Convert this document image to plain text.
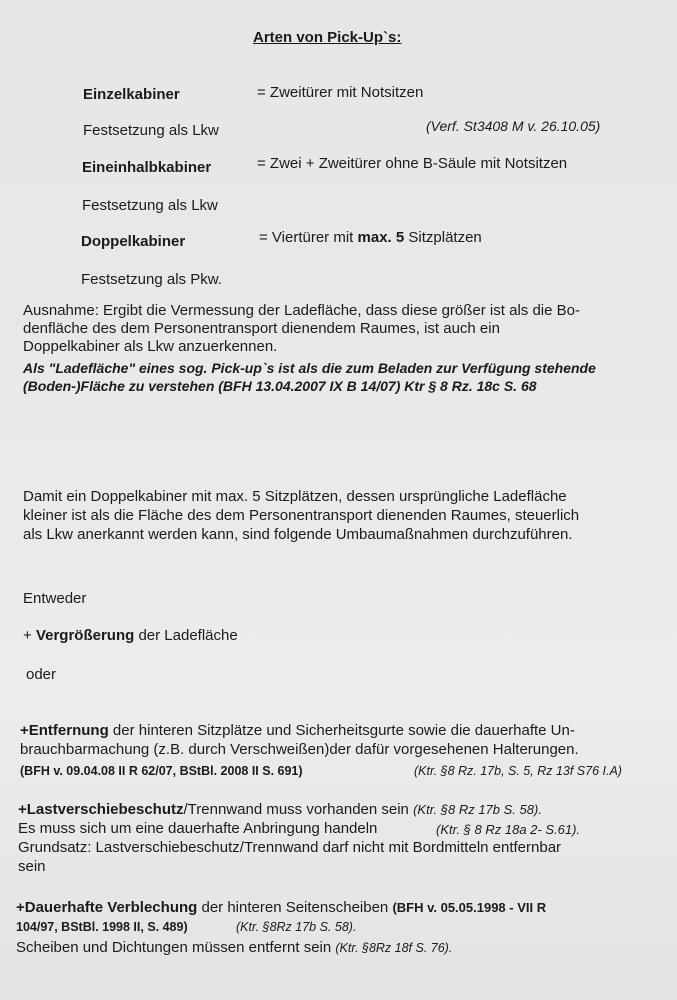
Arten von Pick-Up`s:
Einzelkabiner	= Zweitürer mit Notsitzen
Festsetzung als Lkw	(Verf. St3408 M v. 26.10.05)
Eineinhalbkabiner	= Zwei + Zweitürer ohne B-Säule mit Notsitzen
Festsetzung als Lkw
Doppelkabiner	= Viertürer mit max. 5 Sitzplätzen
Festsetzung als Pkw.
Ausnahme: Ergibt die Vermessung der Ladefläche, dass diese größer ist als die Bo-
denfläche des dem Personentransport dienendem Raumes, ist auch ein
Doppelkabiner als Lkw anzuerkennen.
Als "Ladefläche" eines sog. Pick-up`s ist als die zum Beladen zur Verfügung stehende
(Boden-)Fläche zu verstehen (BFH 13.04.2007 IX B 14/07) Ktr § 8 Rz. 18c S. 68
Damit ein Doppelkabiner mit max. 5 Sitzplätzen, dessen ursprüngliche Ladefläche
kleiner ist als die Fläche des dem Personentransport dienenden Raumes, steuerlich
als Lkw anerkannt werden kann, sind folgende Umbaumaßnahmen durchzuführen.
Entweder
+ Vergrößerung der Ladefläche
oder
+Entfernung der hinteren Sitzplätze und Sicherheitsgurte sowie die dauerhafte Un-
brauchbarmachung (z.B. durch Verschweißen)der dafür vorgesehenen Halterungen.
(BFH v. 09.04.08 II R 62/07, BStBl. 2008 II S. 691)	(Ktr. §8 Rz. 17b, S. 5, Rz 13f S76 I.A)
+Lastverschiebeschutz/Trennwand muss vorhanden sein (Ktr. §8 Rz 17b S. 58).
Es muss sich um eine dauerhafte Anbringung handeln	(Ktr. § 8 Rz 18a 2- S.61).
Grundsatz: Lastverschiebeschutz/Trennwand darf nicht mit Bordmitteln entfernbar
sein
+Dauerhafte Verblechung der hinteren Seitenscheiben (BFH v. 05.05.1998 - VII R
104/97, BStBl. 1998 II, S. 489)	(Ktr. §8Rz 17b S. 58).
Scheiben und Dichtungen müssen entfernt sein (Ktr. §8Rz 18f S. 76).
